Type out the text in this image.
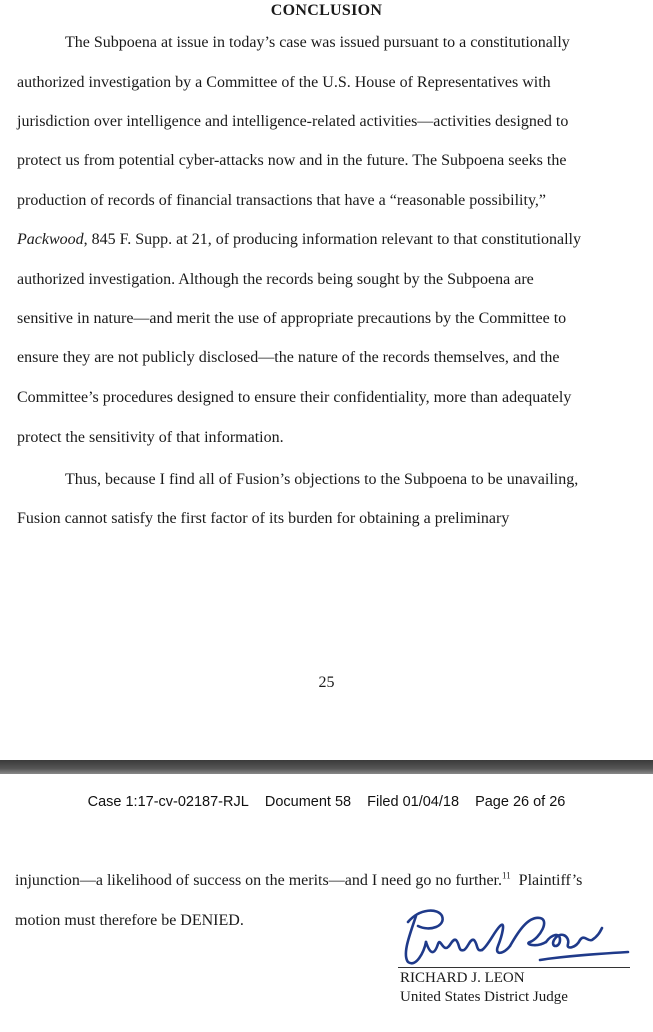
CONCLUSION
The Subpoena at issue in today’s case was issued pursuant to a constitutionally
authorized investigation by a Committee of the U.S. House of Representatives with
jurisdiction over intelligence and intelligence-related activities—activities designed to
protect us from potential cyber-attacks now and in the future. The Subpoena seeks the
production of records of financial transactions that have a “reasonable possibility,”
Packwood, 845 F. Supp. at 21, of producing information relevant to that constitutionally
authorized investigation. Although the records being sought by the Subpoena are
sensitive in nature—and merit the use of appropriate precautions by the Committee to
ensure they are not publicly disclosed—the nature of the records themselves, and the
Committee’s procedures designed to ensure their confidentiality, more than adequately
protect the sensitivity of that information.
Thus, because I find all of Fusion’s objections to the Subpoena to be unavailing,
Fusion cannot satisfy the first factor of its burden for obtaining a preliminary
25
Case 1:17-cv-02187-RJL Document 58 Filed 01/04/18 Page 26 of 26
injunction—a likelihood of success on the merits—and I need go no further.$^{11}$ Plaintiff’s
motion must therefore be DENIED.
RICHARD J. LEON
United States District Judge
